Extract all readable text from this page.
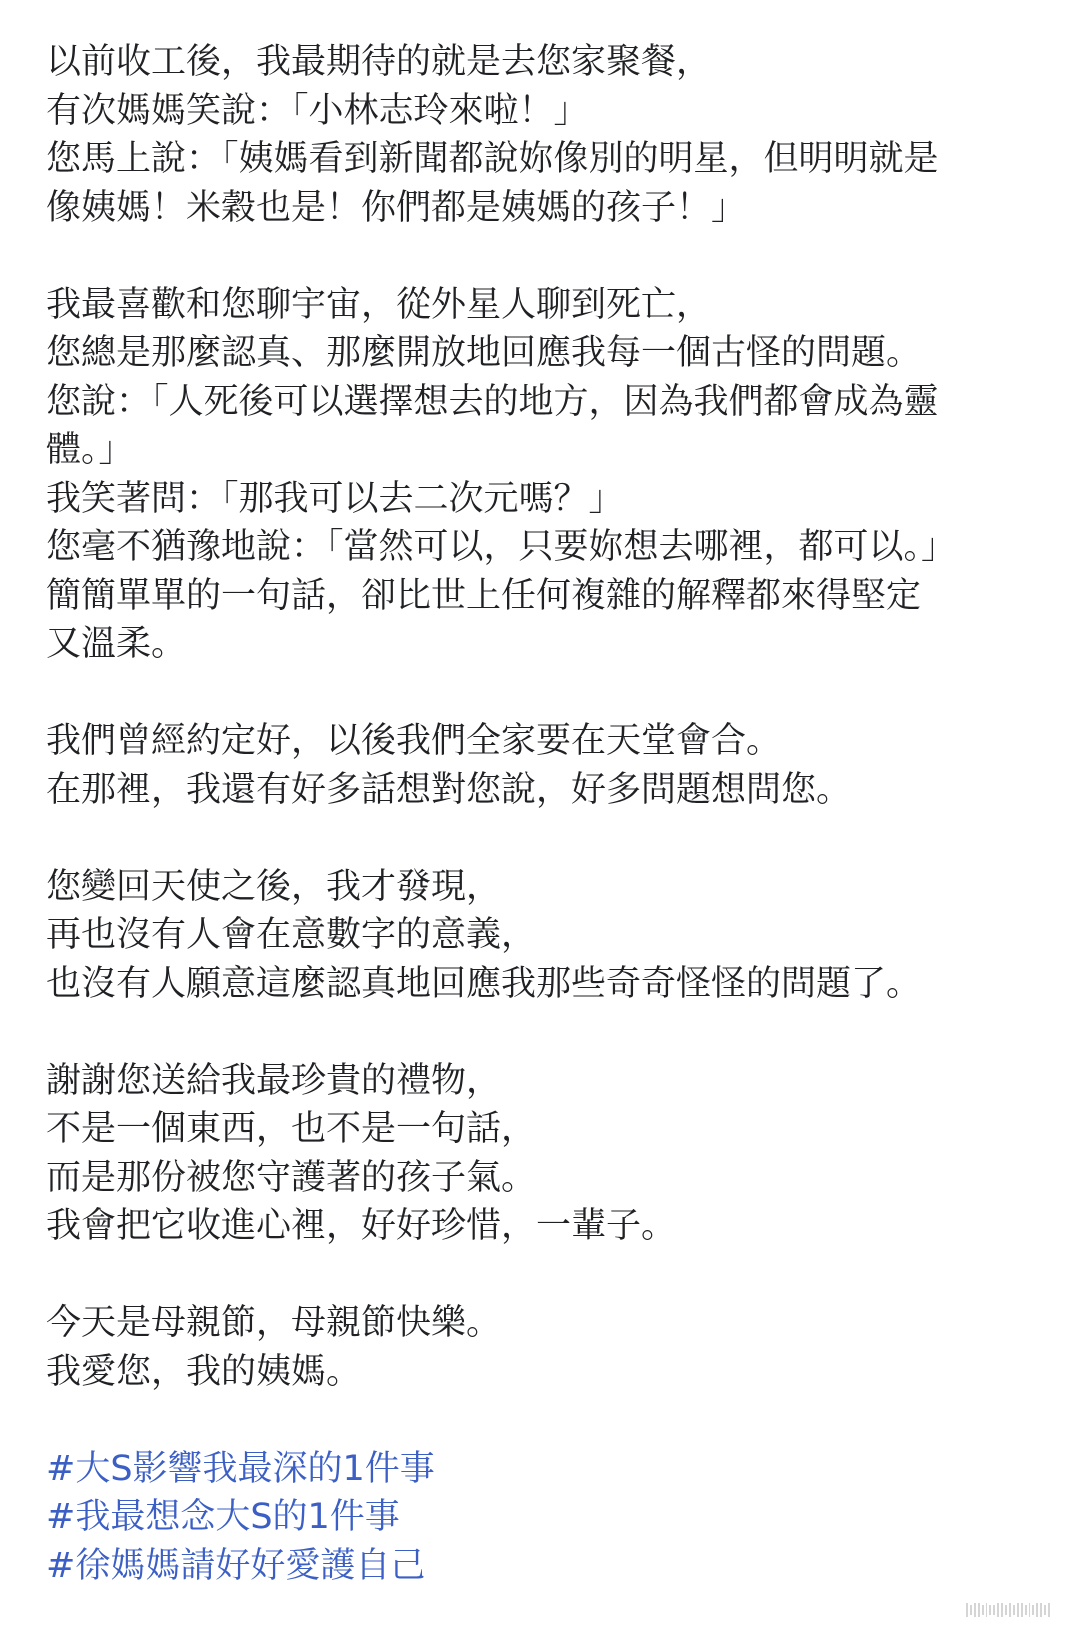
以前收工後，我最期待的就是去您家聚餐，
有次媽媽笑說：「小林志玲來啦！」
您馬上說：「姨媽看到新聞都說妳像別的明星，但明明就是
像姨媽！米穀也是！你們都是姨媽的孩子！」
我最喜歡和您聊宇宙，從外星人聊到死亡，
您總是那麼認真、那麼開放地回應我每一個古怪的問題。
您說：「人死後可以選擇想去的地方，因為我們都會成為靈
體。」
我笑著問：「那我可以去二次元嗎？」
您毫不猶豫地說：「當然可以，只要妳想去哪裡，都可以。」
簡簡單單的一句話，卻比世上任何複雜的解釋都來得堅定
又溫柔。
我們曾經約定好，以後我們全家要在天堂會合。
在那裡，我還有好多話想對您說，好多問題想問您。
您變回天使之後，我才發現，
再也沒有人會在意數字的意義，
也沒有人願意這麼認真地回應我那些奇奇怪怪的問題了。
謝謝您送給我最珍貴的禮物，
不是一個東西，也不是一句話，
而是那份被您守護著的孩子氣。
我會把它收進心裡，好好珍惜，一輩子。
今天是母親節，母親節快樂。
我愛您，我的姨媽。
#大S影響我最深的1件事
#我最想念大S的1件事
#徐媽媽請好好愛護自己
